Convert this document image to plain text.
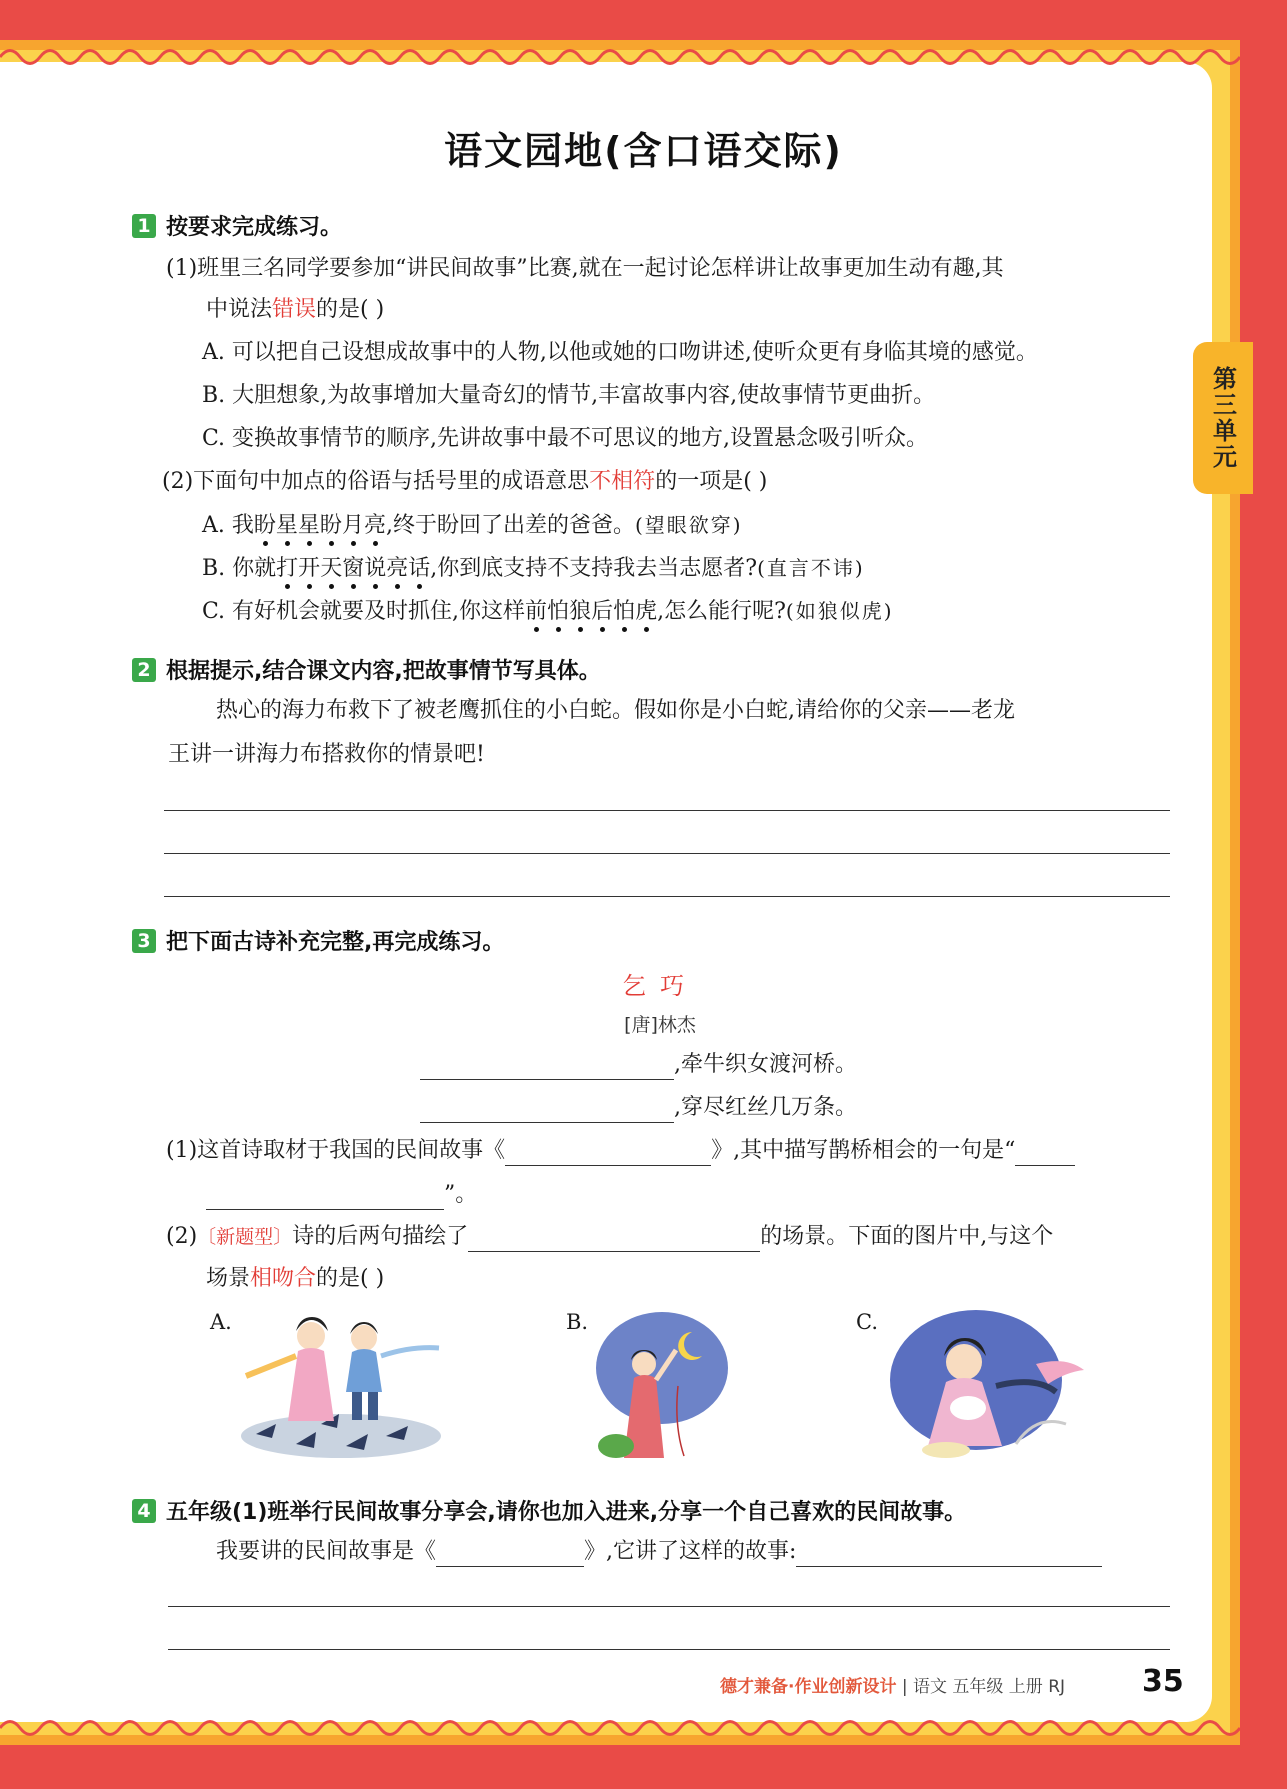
语文园地(含口语交际)
第三单元
1 按要求完成练习。
(1)班里三名同学要参加“讲民间故事”比赛,就在一起讨论怎样讲让故事更加生动有趣,其
中说法错误的是( )
A. 可以把自己设想成故事中的人物,以他或她的口吻讲述,使听众更有身临其境的感觉。
B. 大胆想象,为故事增加大量奇幻的情节,丰富故事内容,使故事情节更曲折。
C. 变换故事情节的顺序,先讲故事中最不可思议的地方,设置悬念吸引听众。
(2)下面句中加点的俗语与括号里的成语意思不相符的一项是( )
A. 我盼星星盼月亮,终于盼回了出差的爸爸。(望眼欲穿)
B. 你就打开天窗说亮话,你到底支持不支持我去当志愿者?(直言不讳)
C. 有好机会就要及时抓住,你这样前怕狼后怕虎,怎么能行呢?(如狼似虎)
2 根据提示,结合课文内容,把故事情节写具体。
热心的海力布救下了被老鹰抓住的小白蛇。假如你是小白蛇,请给你的父亲——老龙
王讲一讲海力布搭救你的情景吧!
3 把下面古诗补充完整,再完成练习。
乞巧
[唐]林杰
,牵牛织女渡河桥。
,穿尽红丝几万条。
(1)这首诗取材于我国的民间故事《	》,其中描写鹊桥相会的一句是“
”。
(2)〔新题型〕诗的后两句描绘了	的场景。下面的图片中,与这个
场景相吻合的是( )
A.	B.	C.
4 五年级(1)班举行民间故事分享会,请你也加入进来,分享一个自己喜欢的民间故事。
我要讲的民间故事是《	》,它讲了这样的故事:
德才兼备·作业创新设计 | 语文 五年级 上册 RJ	35
